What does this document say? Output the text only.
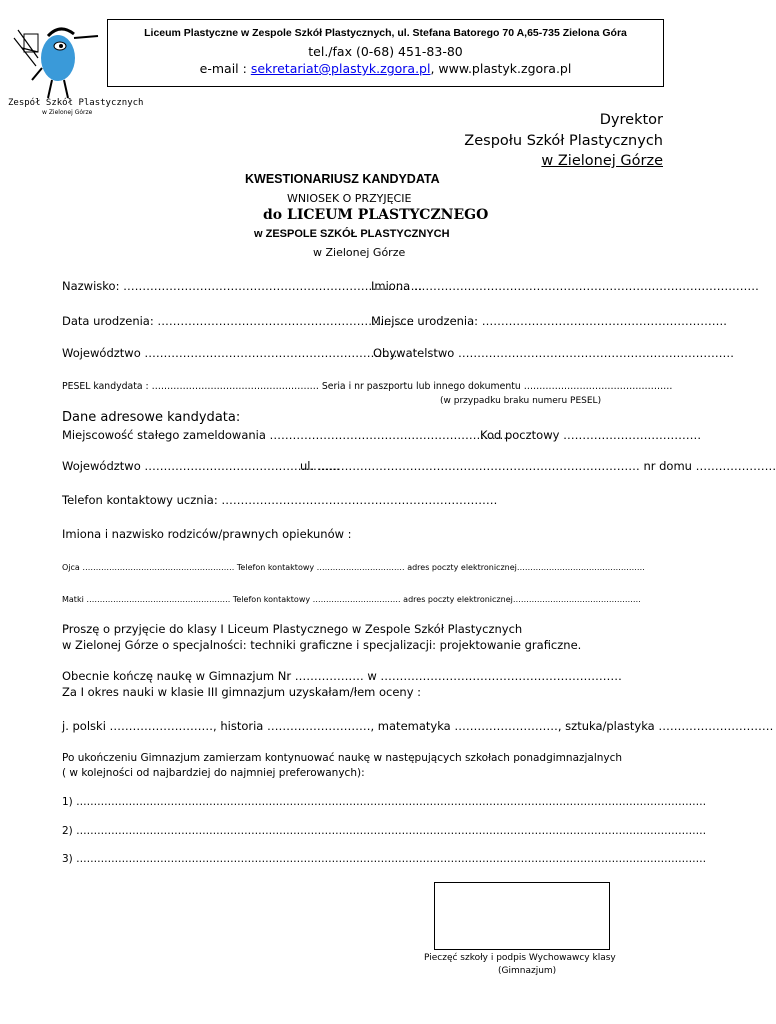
Zespół Szkół Plastycznych
w Zielonej Górze
Liceum Plastyczne w Zespole Szkół Plastycznych, ul. Stefana Batorego 70 A,65-735 Zielona Góra
tel./fax (0-68) 451-83-80
e-mail : sekretariat@plastyk.zgora.pl, www.plastyk.zgora.pl
Dyrektor
Zespołu Szkół Plastycznych
w Zielonej Górze
KWESTIONARIUSZ KANDYDATA
WNIOSEK O PRZYJĘCIE
do LICEUM PLASTYCZNEGO
w ZESPOLE SZKÓŁ PLASTYCZNYCH
w Zielonej Górze
Nazwisko: ……………………………………………………………………
Imiona ………………………………………………………………………………
Data urodzenia: ………………………………………………………….
Miejsce urodzenia: ……………………………………………………….
Województwo ………………………………………………………….
Obywatelstwo ………………………………………………………………
PESEL kandydata : ……………………………………………… Seria i nr paszportu lub innego dokumentu …………………………………………
(w przypadku braku numeru PESEL)
Dane adresowe kandydata:
Miejscowość stałego zameldowania ………………………………………………………
Kod pocztowy ………………………………
Województwo ……………………………………………
ul. ………………………………………………………………………… nr domu …………………
Telefon kontaktowy ucznia: ………………………………………………………………
Imiona i nazwisko rodziców/prawnych opiekunów :
Ojca ………………………………………………… Telefon kontaktowy …………………………… adres poczty elektronicznej…………………………………………
Matki ……………………………………………… Telefon kontaktowy …………………………… adres poczty elektronicznej…………………………………………
Proszę o przyjęcie do klasy I Liceum Plastycznego w Zespole Szkół Plastycznych
w Zielonej Górze o specjalności: techniki graficzne i specjalizacji: projektowanie graficzne.
Obecnie kończę naukę w Gimnazjum Nr ……………… w ………………………………………………………
Za I okres nauki w klasie III gimnazjum uzyskałam/łem oceny :
j. polski ………………………, historia ………………………, matematyka ………………………, sztuka/plastyka …………………………
Po ukończeniu Gimnazjum zamierzam kontynuować naukę w następujących szkołach ponadgimnazjalnych
( w kolejności od najbardziej do najmniej preferowanych):
1) ………………………………………………………………………………………………………………………………………………………………
2) ………………………………………………………………………………………………………………………………………………………………
3) ………………………………………………………………………………………………………………………………………………………………
Pieczęć szkoły i podpis Wychowawcy klasy
(Gimnazjum)
